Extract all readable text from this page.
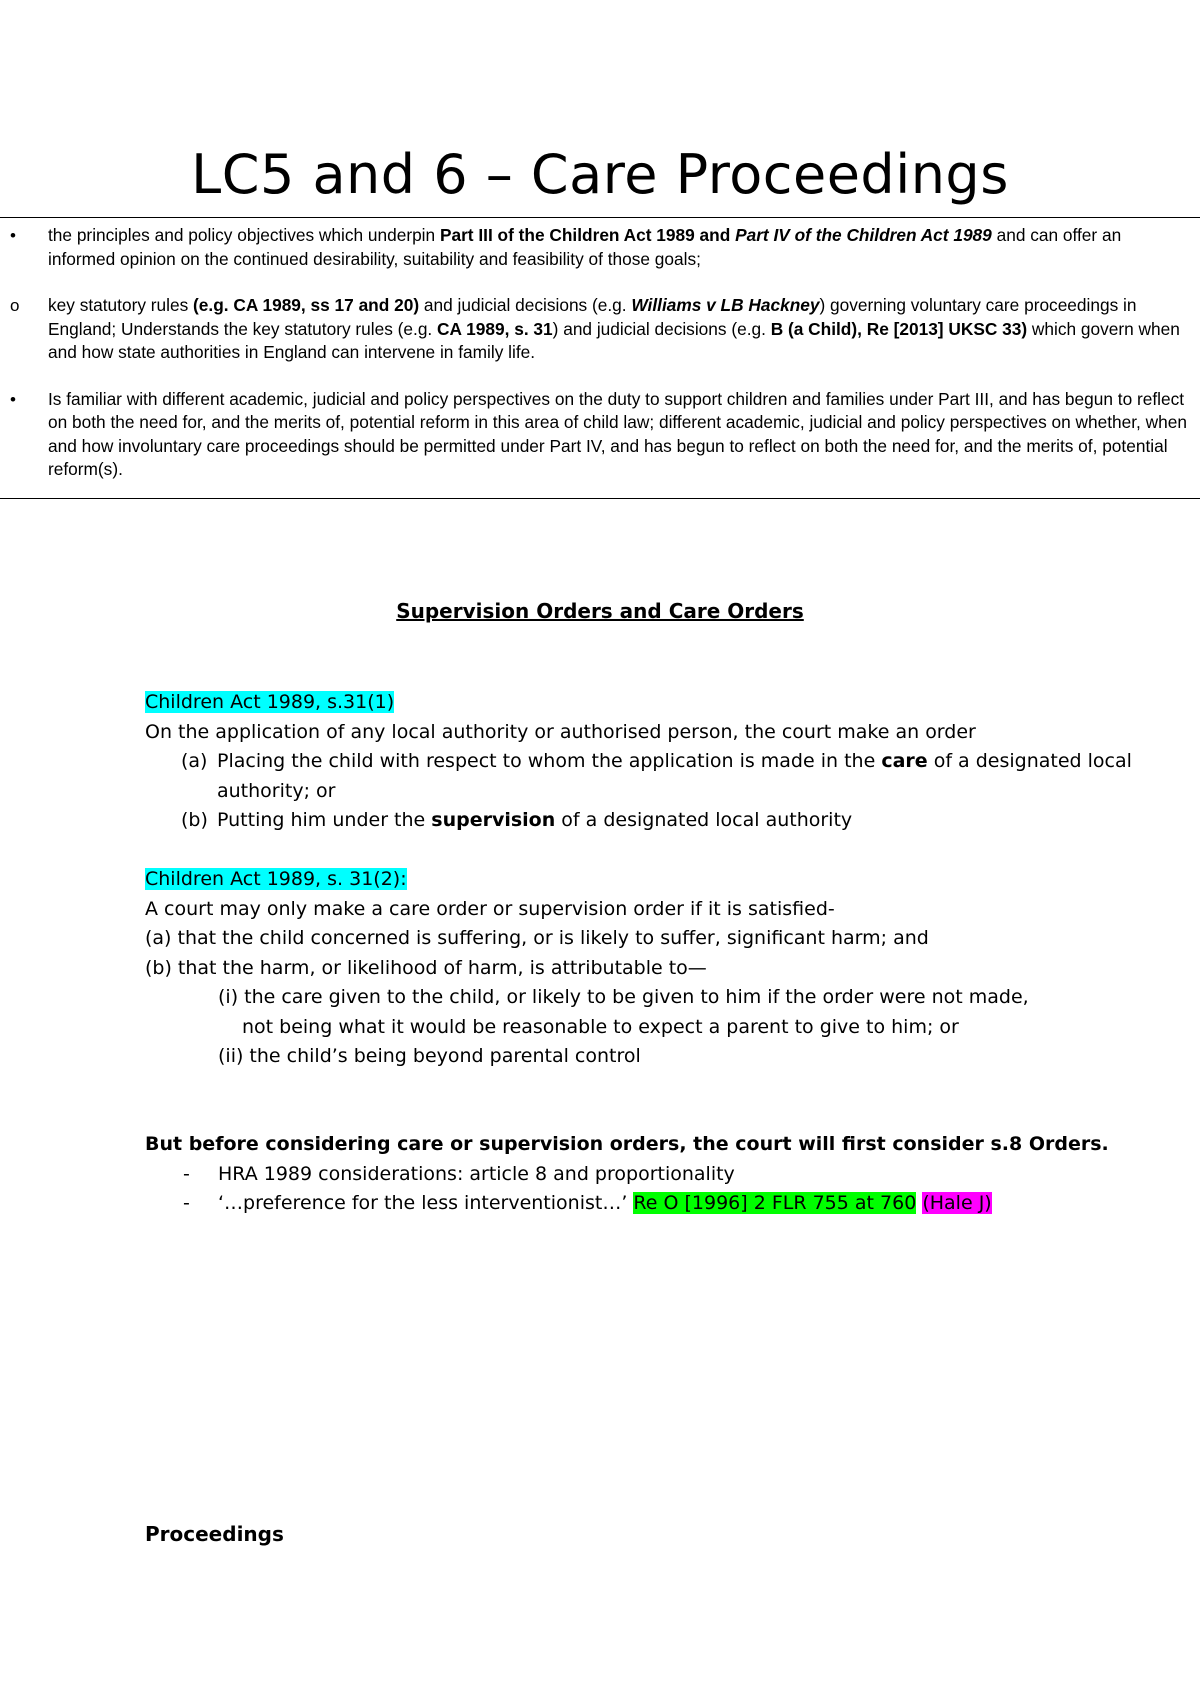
LC5 and 6 – Care Proceedings
• the principles and policy objectives which underpin Part III of the Children Act 1989 and Part IV of the Children Act 1989 and can offer an informed opinion on the continued desirability, suitability and feasibility of those goals;
o key statutory rules (e.g. CA 1989, ss 17 and 20) and judicial decisions (e.g. Williams v LB Hackney) governing voluntary care proceedings in England; Understands the key statutory rules (e.g. CA 1989, s. 31) and judicial decisions (e.g. B (a Child), Re [2013] UKSC 33) which govern when and how state authorities in England can intervene in family life.
• Is familiar with different academic, judicial and policy perspectives on the duty to support children and families under Part III, and has begun to reflect on both the need for, and the merits of, potential reform in this area of child law; different academic, judicial and policy perspectives on whether, when and how involuntary care proceedings should be permitted under Part IV, and has begun to reflect on both the need for, and the merits of, potential reform(s).
Supervision Orders and Care Orders
Children Act 1989, s.31(1)
On the application of any local authority or authorised person, the court make an order
(a) Placing the child with respect to whom the application is made in the care of a designated local authority; or
(b) Putting him under the supervision of a designated local authority
Children Act 1989, s. 31(2):
A court may only make a care order or supervision order if it is satisfied-
(a) that the child concerned is suffering, or is likely to suffer, significant harm; and
(b) that the harm, or likelihood of harm, is attributable to—
(i) the care given to the child, or likely to be given to him if the order were not made,
not being what it would be reasonable to expect a parent to give to him; or
(ii) the child’s being beyond parental control
But before considering care or supervision orders, the court will first consider s.8 Orders.
- HRA 1989 considerations: article 8 and proportionality
- ‘…preference for the less interventionist…’ Re O [1996] 2 FLR 755 at 760 (Hale J)
Proceedings
